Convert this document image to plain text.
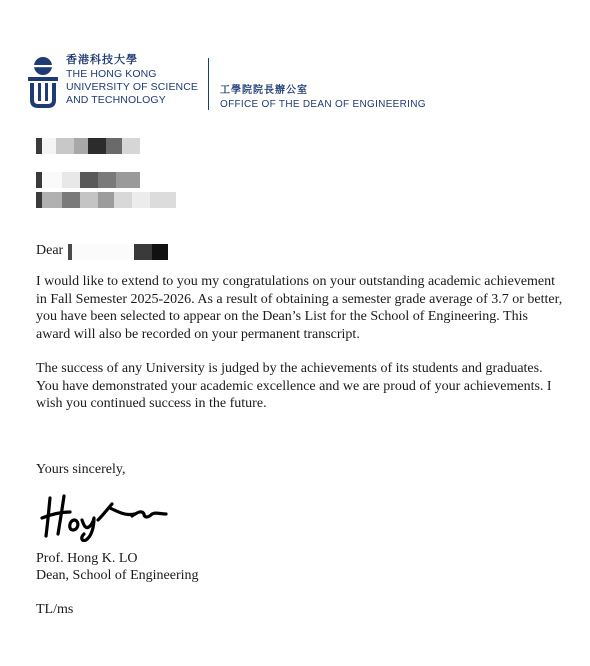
香港科技大學
THE HONG KONG
UNIVERSITY OF SCIENCE
AND TECHNOLOGY
工學院院長辦公室
OFFICE OF THE DEAN OF ENGINEERING

Dear

I would like to extend to you my congratulations on your outstanding academic achievement
in Fall Semester 2025-2026. As a result of obtaining a semester grade average of 3.7 or better,
you have been selected to appear on the Dean’s List for the School of Engineering. This
award will also be recorded on your permanent transcript.
The success of any University is judged by the achievements of its students and graduates.
You have demonstrated your academic excellence and we are proud of your achievements. I
wish you continued success in the future.

Yours sincerely,

Prof. Hong K. LO

Dean, School of Engineering

TL/ms
